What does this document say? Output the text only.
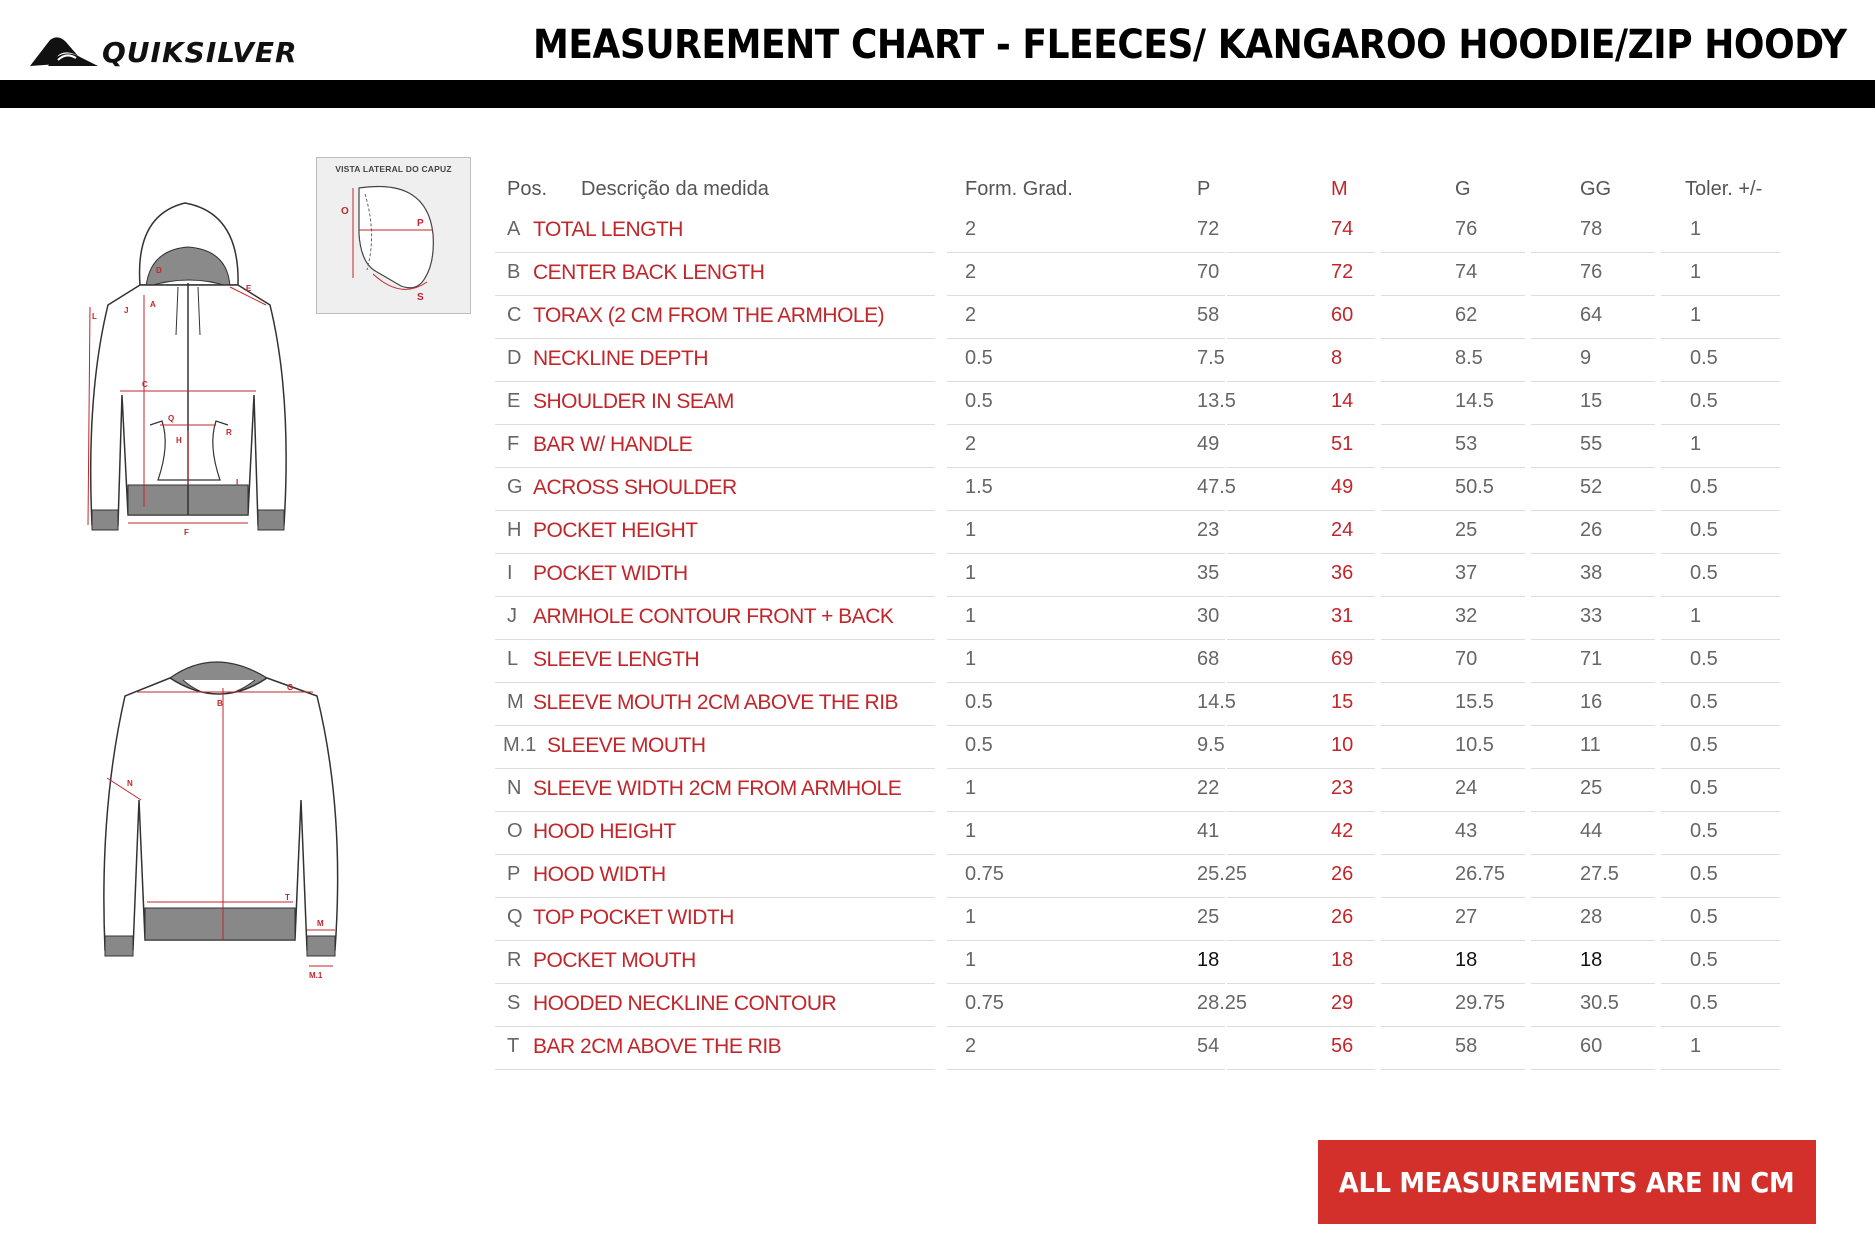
QUIKSILVER	MEASUREMENT CHART - FLEECES/ KANGAROO HOODIE/ZIP HOODY
L
J
A
E
C
Q
H
R
I
F
D
VISTA LATERAL DO CAPUZ
O
P
S
B
G
N
T
M
M.1
Pos. Descrição da medida	Form. Grad.	P	M	G	GG	Toler. +/-
A TOTAL LENGTH	2	72	74	76	78	1
B CENTER BACK LENGTH	2	70	72	74	76	1
C TORAX (2 CM FROM THE ARMHOLE)	2	58	60	62	64	1
D NECKLINE DEPTH	0.5	7.5	8	8.5	9	0.5
E SHOULDER IN SEAM	0.5	13.5	14	14.5	15	0.5
F BAR W/ HANDLE	2	49	51	53	55	1
G ACROSS SHOULDER	1.5	47.5	49	50.5	52	0.5
H POCKET HEIGHT	1	23	24	25	26	0.5
I POCKET WIDTH	1	35	36	37	38	0.5
J ARMHOLE CONTOUR FRONT + BACK	1	30	31	32	33	1
L SLEEVE LENGTH	1	68	69	70	71	0.5
M SLEEVE MOUTH 2CM ABOVE THE RIB	0.5	14.5	15	15.5	16	0.5
M.1 SLEEVE MOUTH	0.5	9.5	10	10.5	11	0.5
N SLEEVE WIDTH 2CM FROM ARMHOLE	1	22	23	24	25	0.5
O HOOD HEIGHT	1	41	42	43	44	0.5
P HOOD WIDTH	0.75	25.25	26	26.75	27.5	0.5
Q TOP POCKET WIDTH	1	25	26	27	28	0.5
R POCKET MOUTH	1	18	18	18	18	0.5
S HOODED NECKLINE CONTOUR	0.75	28.25	29	29.75	30.5	0.5
T BAR 2CM ABOVE THE RIB	2	54	56	58	60	1
ALL MEASUREMENTS ARE IN CM
